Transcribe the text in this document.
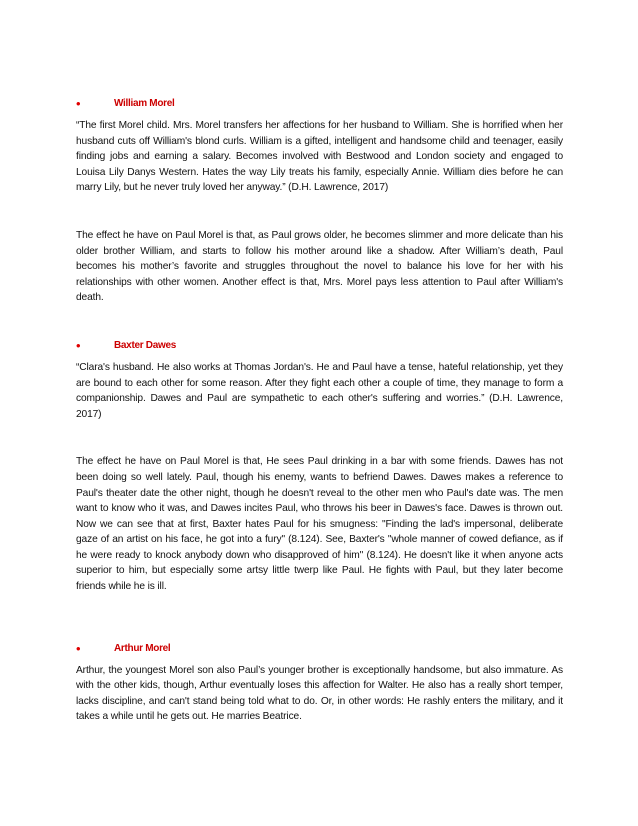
•	William Morel

“The first Morel child. Mrs. Morel transfers her affections for her husband to William. She is horrified when her husband cuts off William's blond curls. William is a gifted, intelligent and handsome child and teenager, easily finding jobs and earning a salary. Becomes involved with Bestwood and London society and engaged to Louisa Lily Danys Western. Hates the way Lily treats his family, especially Annie. William dies before he can marry Lily, but he never truly loved her anyway.” (D.H. Lawrence, 2017)

The effect he have on Paul Morel is that, as Paul grows older, he becomes slimmer and more delicate than his older brother William, and starts to follow his mother around like a shadow. After William’s death, Paul becomes his mother’s favorite and struggles throughout the novel to balance his love for her with his relationships with other women. Another effect is that, Mrs. Morel pays less attention to Paul after William's death.

•	Baxter Dawes

“Clara's husband. He also works at Thomas Jordan's. He and Paul have a tense, hateful relationship, yet they are bound to each other for some reason. After they fight each other a couple of time, they manage to form a companionship. Dawes and Paul are sympathetic to each other's suffering and worries.” (D.H. Lawrence, 2017)

The effect he have on Paul Morel is that, He sees Paul drinking in a bar with some friends. Dawes has not been doing so well lately. Paul, though his enemy, wants to befriend Dawes. Dawes makes a reference to Paul's theater date the other night, though he doesn't reveal to the other men who Paul's date was. The men want to know who it was, and Dawes incites Paul, who throws his beer in Dawes's face. Dawes is thrown out. Now we can see that at first, Baxter hates Paul for his smugness: "Finding the lad's impersonal, deliberate gaze of an artist on his face, he got into a fury" (8.124). See, Baxter's "whole manner of cowed defiance, as if he were ready to knock anybody down who disapproved of him" (8.124). He doesn't like it when anyone acts superior to him, but especially some artsy little twerp like Paul. He fights with Paul, but they later become friends while he is ill.

•	Arthur Morel

Arthur, the youngest Morel son also Paul’s younger brother is exceptionally handsome, but also immature. As with the other kids, though, Arthur eventually loses this affection for Walter. He also has a really short temper, lacks discipline, and can't stand being told what to do. Or, in other words: He rashly enters the military, and it takes a while until he gets out. He marries Beatrice.
